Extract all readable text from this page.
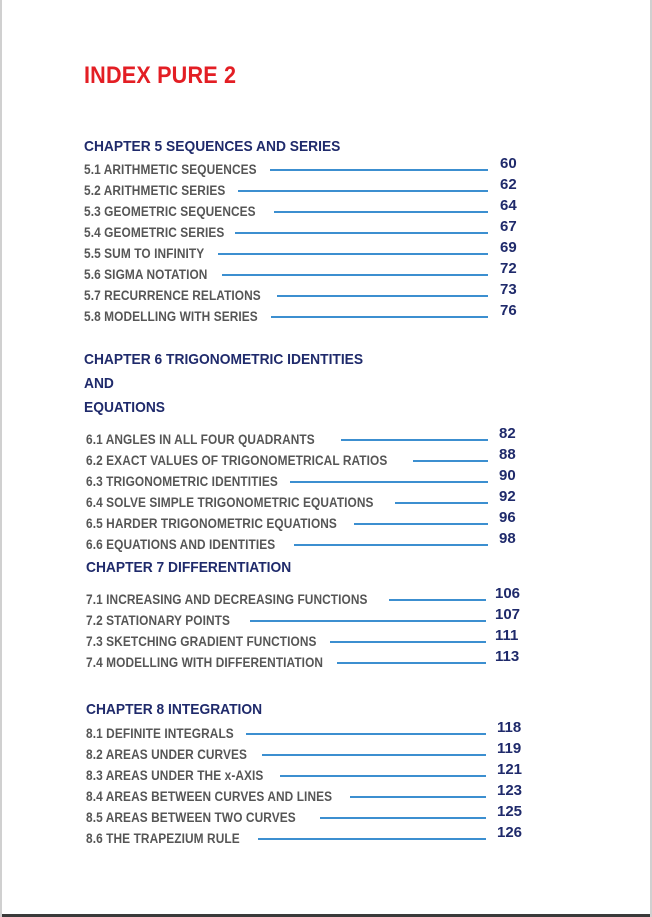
INDEX PURE 2
CHAPTER 5 SEQUENCES AND SERIES
5.1 ARITHMETIC SEQUENCES	60
5.2 ARITHMETIC SERIES	62
5.3 GEOMETRIC SEQUENCES	64
5.4 GEOMETRIC SERIES	67
5.5 SUM TO INFINITY	69
5.6 SIGMA NOTATION	72
5.7 RECURRENCE RELATIONS	73
5.8 MODELLING WITH SERIES	76
CHAPTER 6 TRIGONOMETRIC IDENTITIES AND
EQUATIONS
6.1 ANGLES IN ALL FOUR QUADRANTS	82
6.2 EXACT VALUES OF TRIGONOMETRICAL RATIOS	88
6.3 TRIGONOMETRIC IDENTITIES	90
6.4 SOLVE SIMPLE TRIGONOMETRIC EQUATIONS	92
6.5 HARDER TRIGONOMETRIC EQUATIONS	96
6.6 EQUATIONS AND IDENTITIES	98
CHAPTER 7 DIFFERENTIATION
7.1 INCREASING AND DECREASING FUNCTIONS	106
7.2 STATIONARY POINTS	107
7.3 SKETCHING GRADIENT FUNCTIONS	111
7.4 MODELLING WITH DIFFERENTIATION	113
CHAPTER 8 INTEGRATION
8.1 DEFINITE INTEGRALS	118
8.2 AREAS UNDER CURVES	119
8.3 AREAS UNDER THE x-AXIS	121
8.4 AREAS BETWEEN CURVES AND LINES	123
8.5 AREAS BETWEEN TWO CURVES	125
8.6 THE TRAPEZIUM RULE	126
